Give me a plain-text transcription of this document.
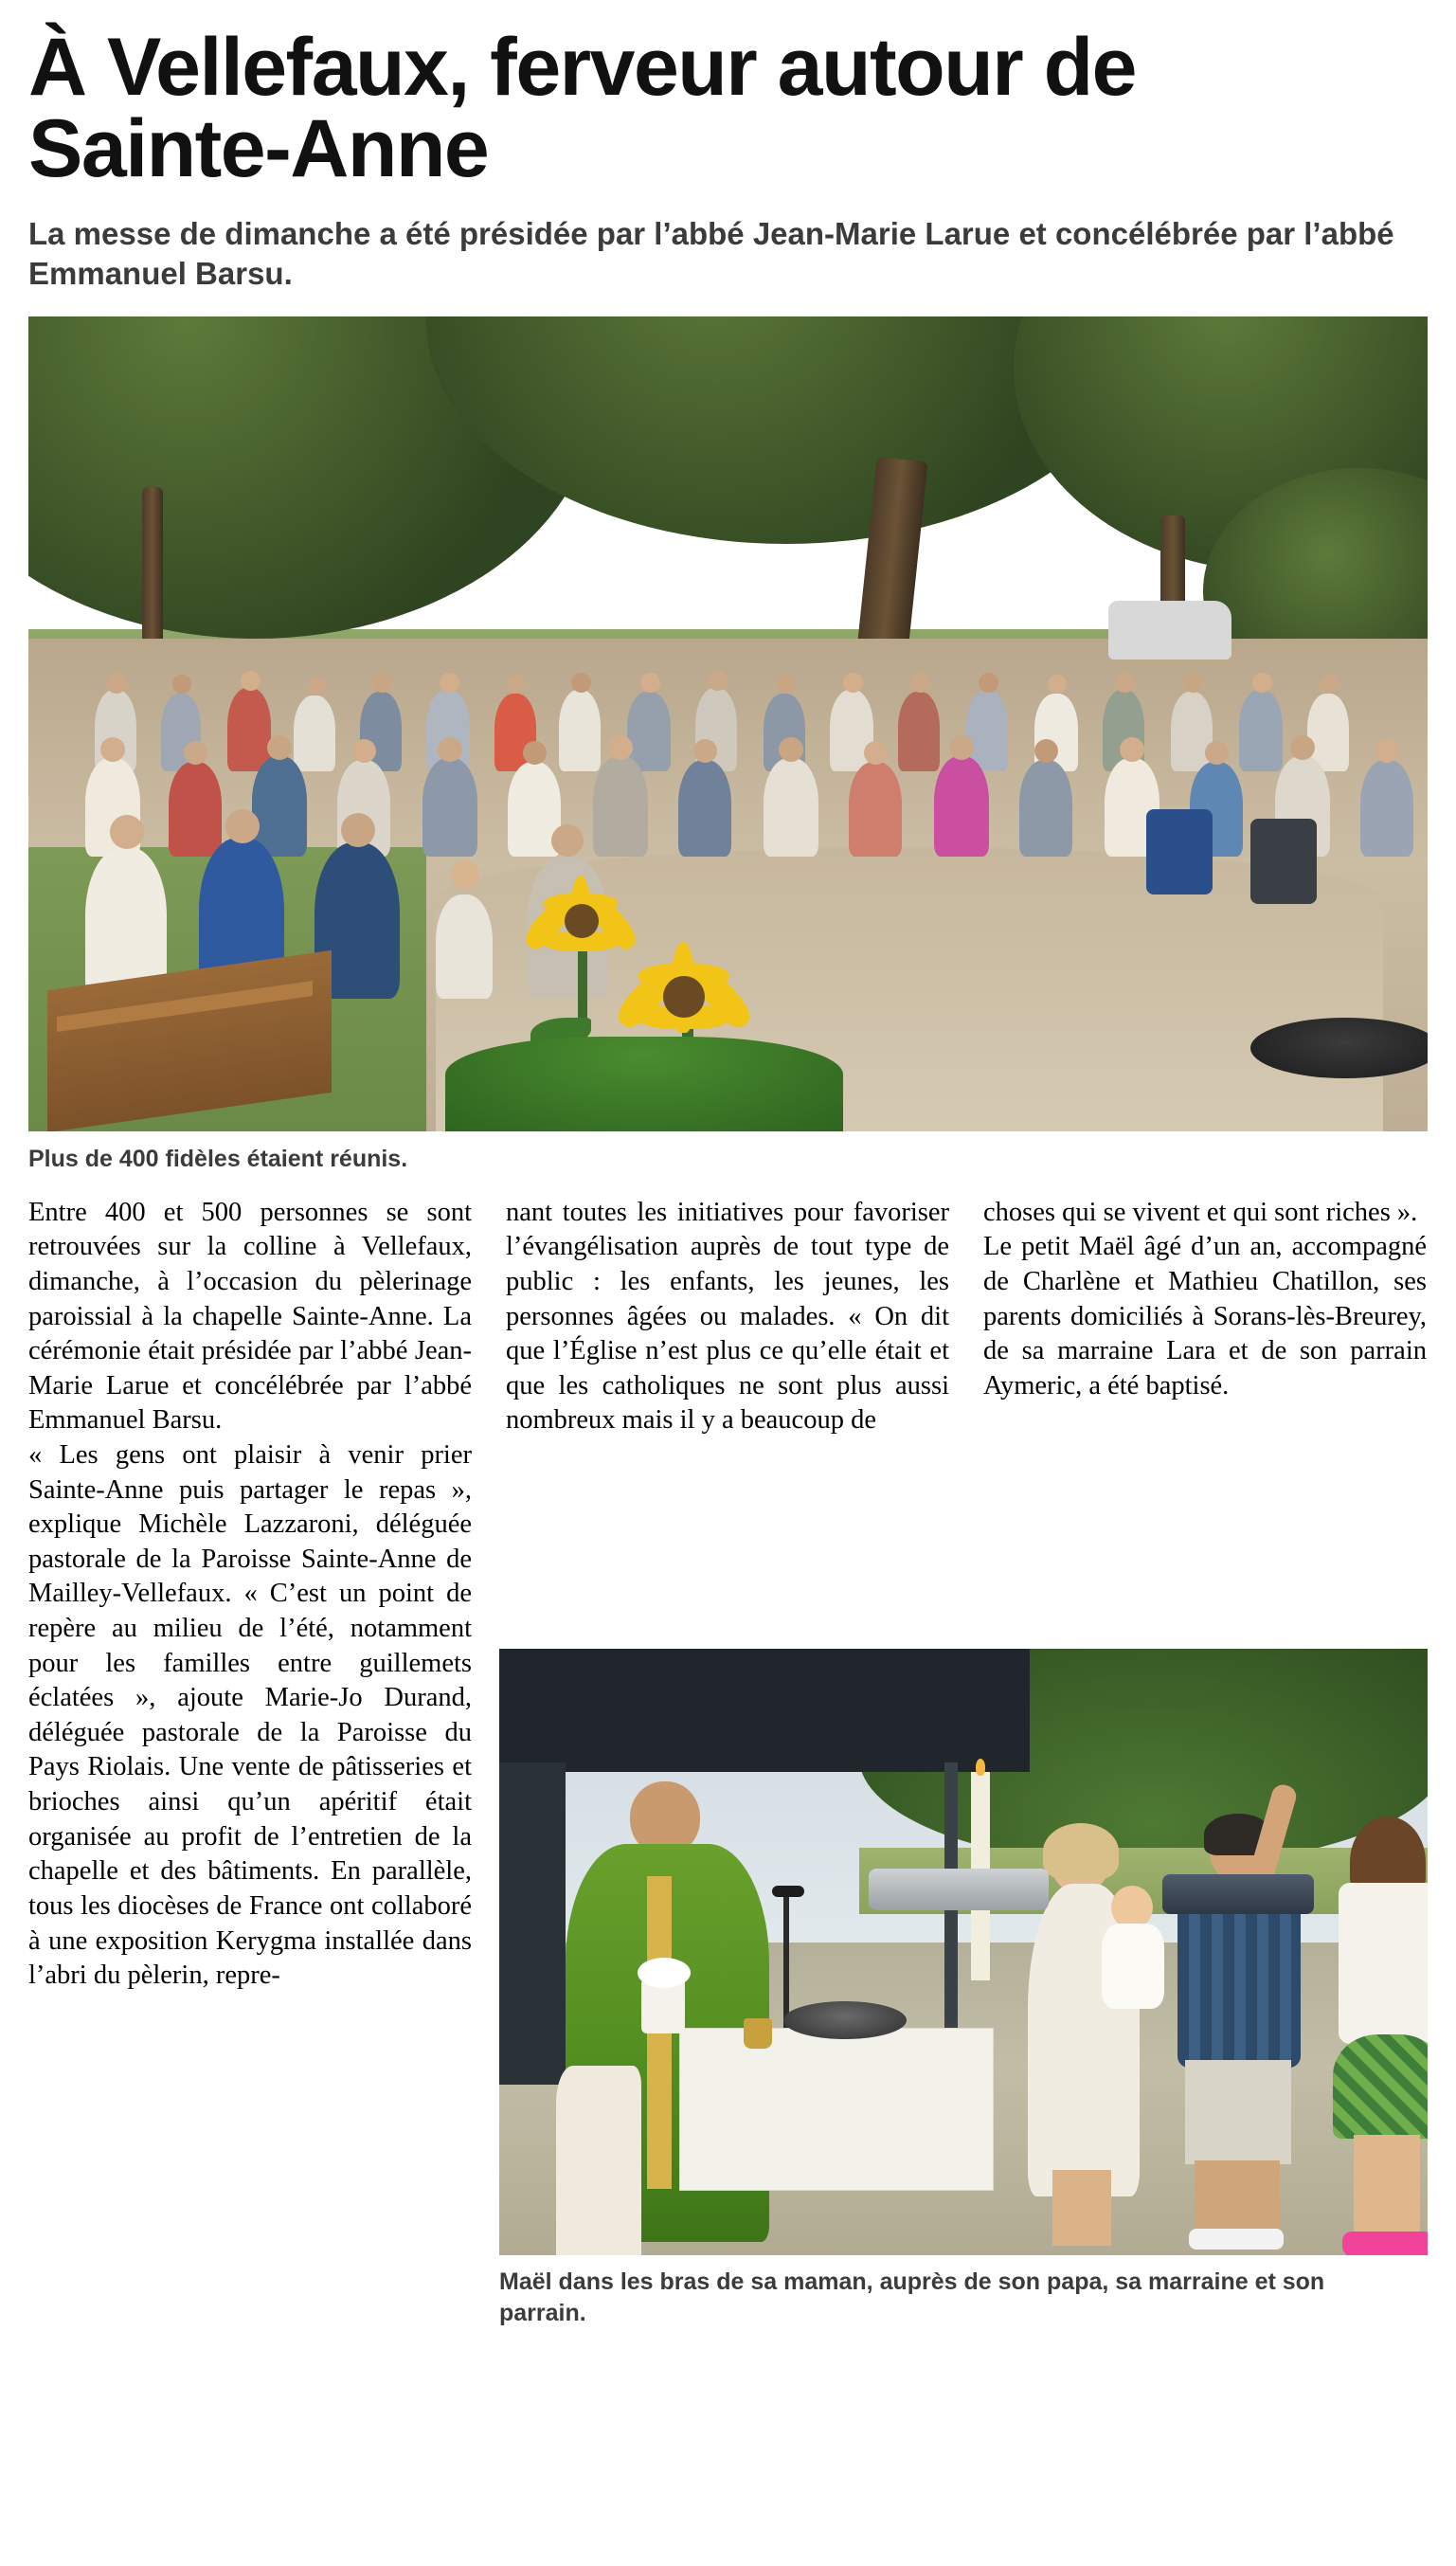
À Vellefaux, ferveur autour de Sainte-Anne
La messe de dimanche a été présidée par l’abbé Jean-Marie Larue et concélébrée par l’abbé Emmanuel Barsu.
Plus de 400 fidèles étaient réunis.

Entre 400 et 500 personnes se sont retrouvées sur la colline à Vellefaux, dimanche, à l’occasion du pèlerinage paroissial à la chapelle Sainte-Anne. La cérémonie était présidée par l’abbé Jean-Marie Larue et concélébrée par l’abbé Emmanuel Barsu.

« Les gens ont plaisir à venir prier Sainte-Anne puis partager le repas », explique Michèle Lazzaroni, déléguée pastorale de la Paroisse Sainte-Anne de Mailley-Vellefaux. « C’est un point de repère au milieu de l’été, notamment pour les familles entre guillemets éclatées », ajoute Marie-Jo Durand, déléguée pastorale de la Paroisse du Pays Riolais. Une vente de pâtisseries et brioches ainsi qu’un apéritif était organisée au profit de l’entretien de la chapelle et des bâtiments. En parallèle, tous les diocèses de France ont collaboré à une exposition Kerygma installée dans l’abri du pèlerin, repre-

nant toutes les initiatives pour favoriser l’évangélisation auprès de tout type de public : les enfants, les jeunes, les personnes âgées ou malades. « On dit que l’Église n’est plus ce qu’elle était et que les catholiques ne sont plus aussi nombreux mais il y a beaucoup de

choses qui se vivent et qui sont riches ».

Le petit Maël âgé d’un an, accompagné de Charlène et Mathieu Chatillon, ses parents domiciliés à Sorans-lès-Breurey, de sa marraine Lara et de son parrain Aymeric, a été baptisé.

Maël dans les bras de sa maman, auprès de son papa, sa marraine et son parrain.
